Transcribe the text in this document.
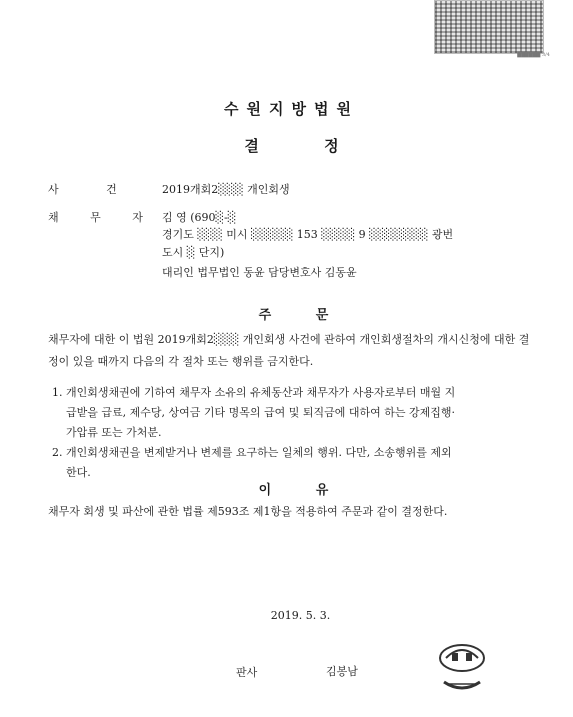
██████ 3/4
수원지방법원
결 정
사 건 2019개회2░░░ 개인회생
채 무 자 김 영 (690░-░
경기도 ░░░ 미시 ░░░░░ 153 ░░░░ 9 ░░░░░░░ 광번
도시 ░ 단지)
대리인 법무법인 동윤 담당변호사 김동윤
주 문
채무자에 대한 이 법원 2019개회2░░░ 개인회생 사건에 관하여 개인회생절차의 개시신청에 대한 결정이 있을 때까지 다음의 각 절차 또는 행위를 금지한다.
1. 개인회생채권에 기하여 채무자 소유의 유체동산과 채무자가 사용자로부터 매월 지
급받을 급료, 제수당, 상여금 기타 명목의 급여 및 퇴직금에 대하여 하는 강제집행·
가압류 또는 가처분.
2. 개인회생채권을 변제받거나 변제를 요구하는 일체의 행위. 다만, 소송행위를 제외
한다.
이 유
채무자 회생 및 파산에 관한 법률 제593조 제1항을 적용하여 주문과 같이 결정한다.
2019. 5. 3.
판사	김봉남
